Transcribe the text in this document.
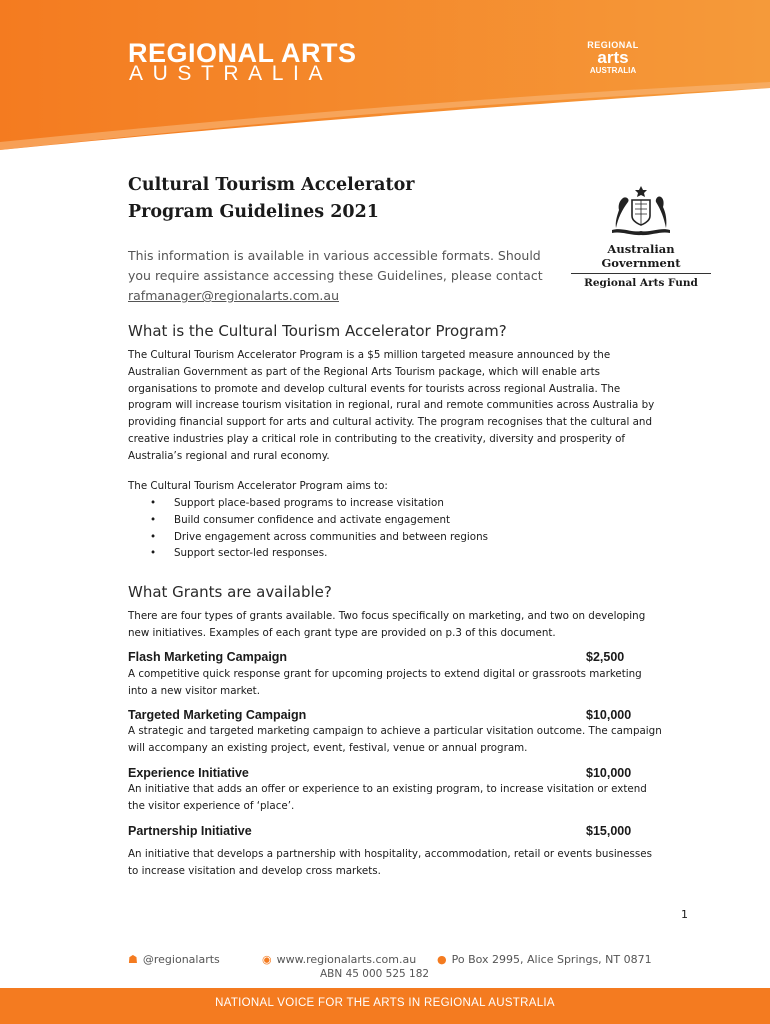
REGIONAL ARTS
AUSTRALIA
REGIONAL
arts
AUSTRALIA
Cultural Tourism Accelerator
Program Guidelines 2021
This information is available in various accessible formats. Should you require assistance accessing these Guidelines, please contact rafmanager@regionalarts.com.au
Australian Government
Regional Arts Fund
What is the Cultural Tourism Accelerator Program?
The Cultural Tourism Accelerator Program is a $5 million targeted measure announced by the Australian Government as part of the Regional Arts Tourism package, which will enable arts organisations to promote and develop cultural events for tourists across regional Australia. The program will increase tourism visitation in regional, rural and remote communities across Australia by providing financial support for arts and cultural activity. The program recognises that the cultural and creative industries play a critical role in contributing to the creativity, diversity and prosperity of Australia’s regional and rural economy.
The Cultural Tourism Accelerator Program aims to:
• Support place-based programs to increase visitation
• Build consumer confidence and activate engagement
• Drive engagement across communities and between regions
• Support sector-led responses.
What Grants are available?
There are four types of grants available. Two focus specifically on marketing, and two on developing new initiatives. Examples of each grant type are provided on p.3 of this document.
Flash Marketing Campaign	$2,500
A competitive quick response grant for upcoming projects to extend digital or grassroots marketing into a new visitor market.
Targeted Marketing Campaign	$10,000
A strategic and targeted marketing campaign to achieve a particular visitation outcome. The campaign will accompany an existing project, event, festival, venue or annual program.
Experience Initiative	$10,000
An initiative that adds an offer or experience to an existing program, to increase visitation or extend the visitor experience of ‘place’.
Partnership Initiative	$15,000
An initiative that develops a partnership with hospitality, accommodation, retail or events businesses to increase visitation and develop cross markets.
1
☗ @regionalarts	◉ www.regionalarts.com.au ● Po Box 2995, Alice Springs, NT 0871
ABN 45 000 525 182
NATIONAL VOICE FOR THE ARTS IN REGIONAL AUSTRALIA
